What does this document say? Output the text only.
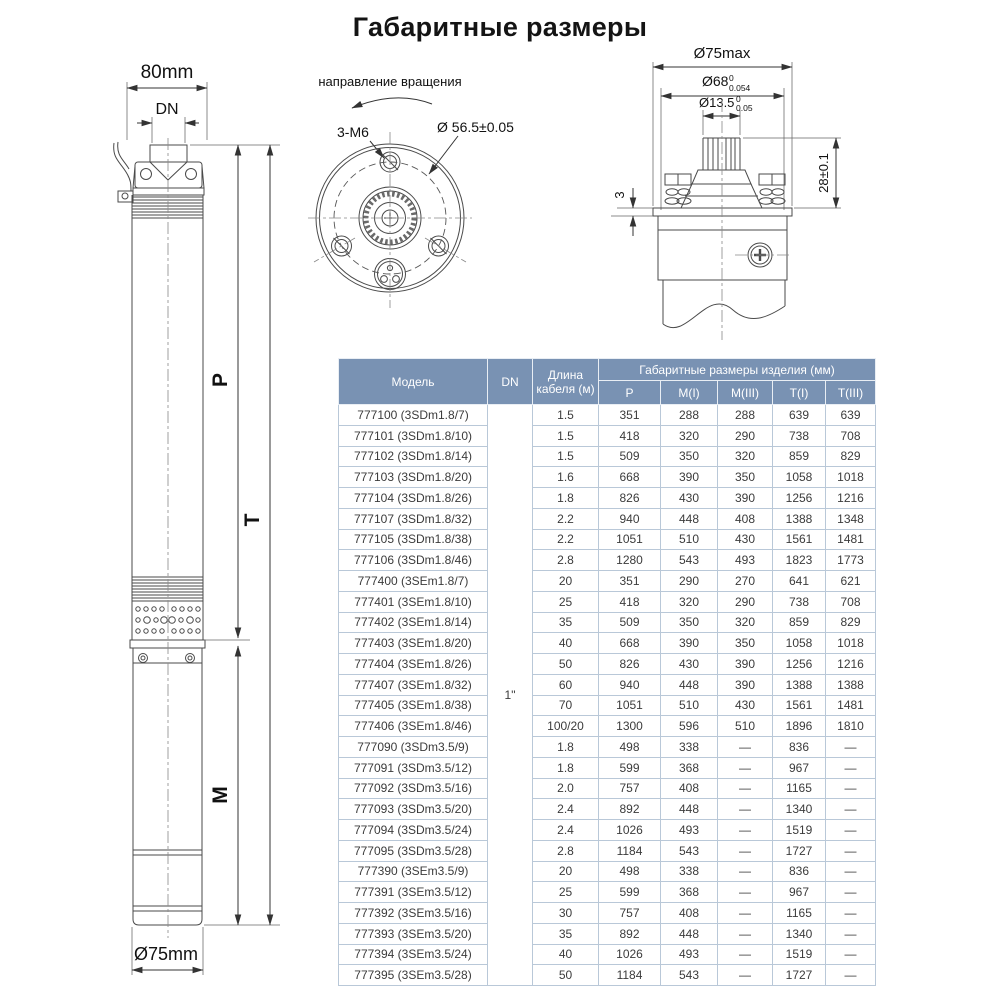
Габаритные размеры
80mm
DN
P
M
T
Ø75mm
направление вращения
3-M6	Ø 56.5±0.05
Ø75max
Ø68 0
0.054
Ø13.5 0
0.05
28±0.1
3
Модель	DN	Длина кабеля (м)	Габаритные размеры изделия (мм)				
			P	M(I)	M(III)	T(I)	T(III)
777100 (3SDm1.8/7)	1"	1.5	351	288	288	639	639
777101 (3SDm1.8/10)		1.5	418	320	290	738	708
777102 (3SDm1.8/14)		1.5	509	350	320	859	829
777103 (3SDm1.8/20)		1.6	668	390	350	1058	1018
777104 (3SDm1.8/26)		1.8	826	430	390	1256	1216
777107 (3SDm1.8/32)		2.2	940	448	408	1388	1348
777105 (3SDm1.8/38)		2.2	1051	510	430	1561	1481
777106 (3SDm1.8/46)		2.8	1280	543	493	1823	1773
777400 (3SEm1.8/7)		20	351	290	270	641	621
777401 (3SEm1.8/10)		25	418	320	290	738	708
777402 (3SEm1.8/14)		35	509	350	320	859	829
777403 (3SEm1.8/20)		40	668	390	350	1058	1018
777404 (3SEm1.8/26)		50	826	430	390	1256	1216
777407 (3SEm1.8/32)		60	940	448	390	1388	1388
777405 (3SEm1.8/38)		70	1051	510	430	1561	1481
777406 (3SEm1.8/46)		100/20	1300	596	510	1896	1810
777090 (3SDm3.5/9)		1.8	498	338	—	836	—
777091 (3SDm3.5/12)		1.8	599	368	—	967	—
777092 (3SDm3.5/16)		2.0	757	408	—	1165	—
777093 (3SDm3.5/20)		2.4	892	448	—	1340	—
777094 (3SDm3.5/24)		2.4	1026	493	—	1519	—
777095 (3SDm3.5/28)		2.8	1184	543	—	1727	—
777390 (3SEm3.5/9)		20	498	338	—	836	—
777391 (3SEm3.5/12)		25	599	368	—	967	—
777392 (3SEm3.5/16)		30	757	408	—	1165	—
777393 (3SEm3.5/20)		35	892	448	—	1340	—
777394 (3SEm3.5/24)		40	1026	493	—	1519	—
777395 (3SEm3.5/28)		50	1184	543	—	1727	—
